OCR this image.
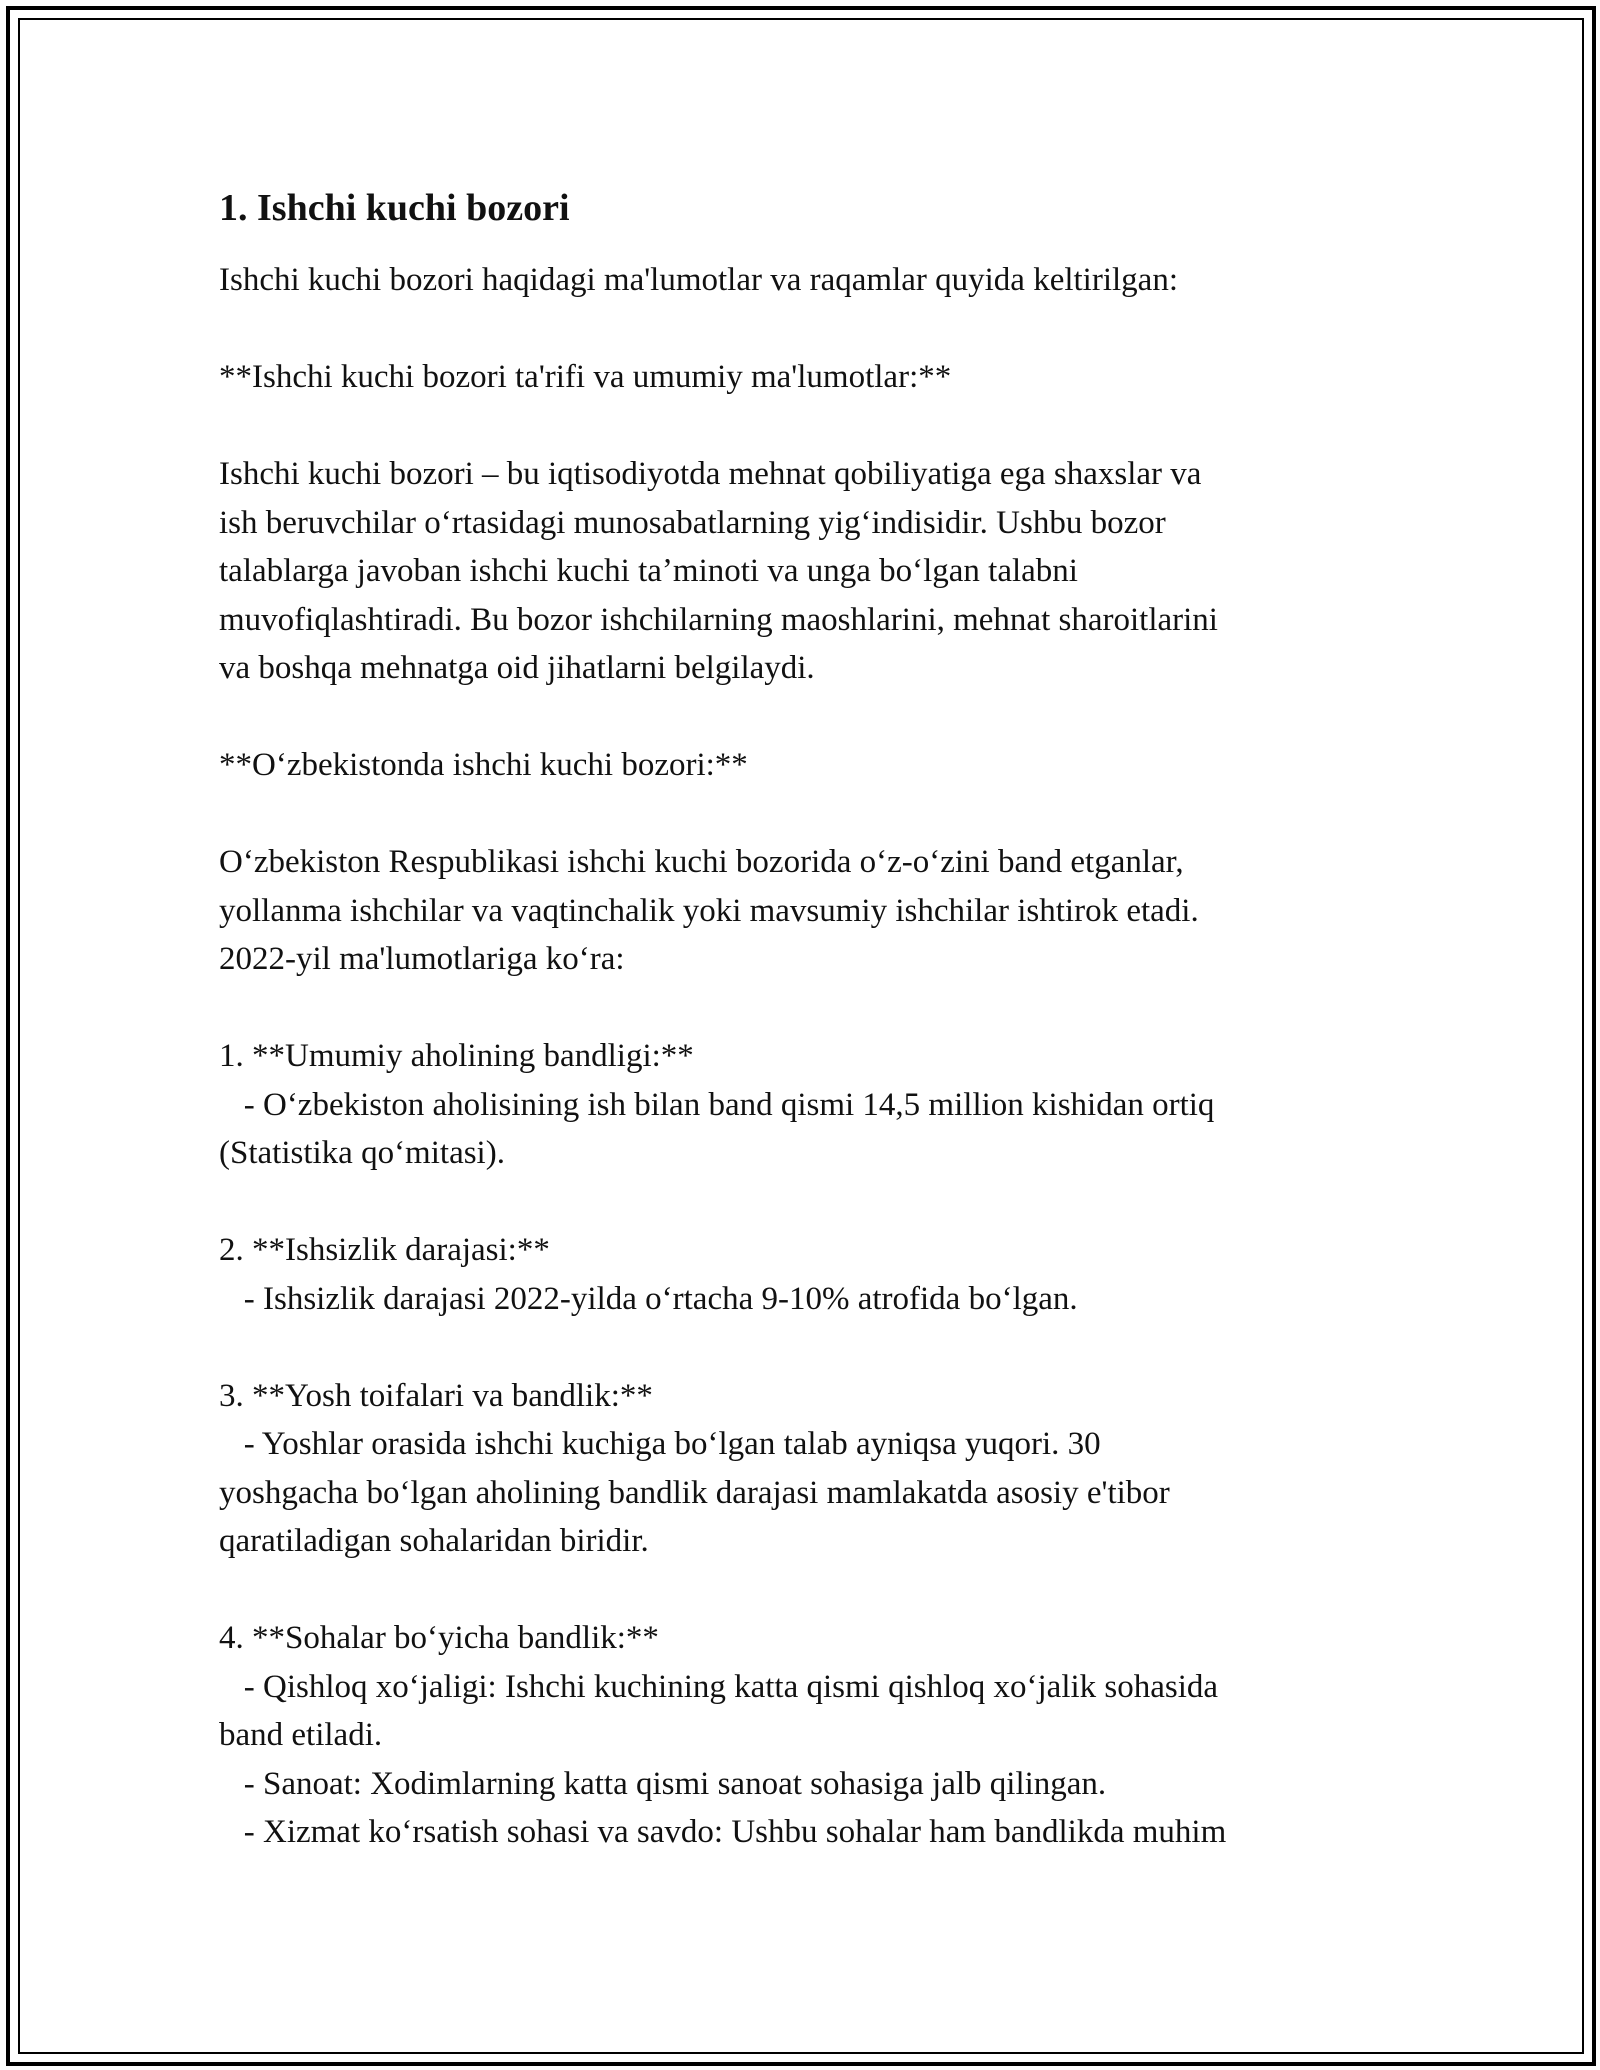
1. Ishchi kuchi bozori

Ishchi kuchi bozori haqidagi ma'lumotlar va raqamlar quyida keltirilgan:

**Ishchi kuchi bozori ta'rifi va umumiy ma'lumotlar:**

Ishchi kuchi bozori – bu iqtisodiyotda mehnat qobiliyatiga ega shaxslar va

ish beruvchilar oʻrtasidagi munosabatlarning yigʻindisidir. Ushbu bozor

talablarga javoban ishchi kuchi taʼminoti va unga boʻlgan talabni

muvofiqlashtiradi. Bu bozor ishchilarning maoshlarini, mehnat sharoitlarini

va boshqa mehnatga oid jihatlarni belgilaydi.

**Oʻzbekistonda ishchi kuchi bozori:**

Oʻzbekiston Respublikasi ishchi kuchi bozorida oʻz-oʻzini band etganlar,

yollanma ishchilar va vaqtinchalik yoki mavsumiy ishchilar ishtirok etadi.

2022-yil ma'lumotlariga koʻra:

1. **Umumiy aholining bandligi:**

- Oʻzbekiston aholisining ish bilan band qismi 14,5 million kishidan ortiq

(Statistika qoʻmitasi).

2. **Ishsizlik darajasi:**

- Ishsizlik darajasi 2022-yilda oʻrtacha 9-10% atrofida boʻlgan.

3. **Yosh toifalari va bandlik:**

- Yoshlar orasida ishchi kuchiga boʻlgan talab ayniqsa yuqori. 30

yoshgacha boʻlgan aholining bandlik darajasi mamlakatda asosiy e'tibor

qaratiladigan sohalaridan biridir.

4. **Sohalar boʻyicha bandlik:**

- Qishloq xoʻjaligi: Ishchi kuchining katta qismi qishloq xoʻjalik sohasida

band etiladi.

- Sanoat: Xodimlarning katta qismi sanoat sohasiga jalb qilingan.

- Xizmat koʻrsatish sohasi va savdo: Ushbu sohalar ham bandlikda muhim
